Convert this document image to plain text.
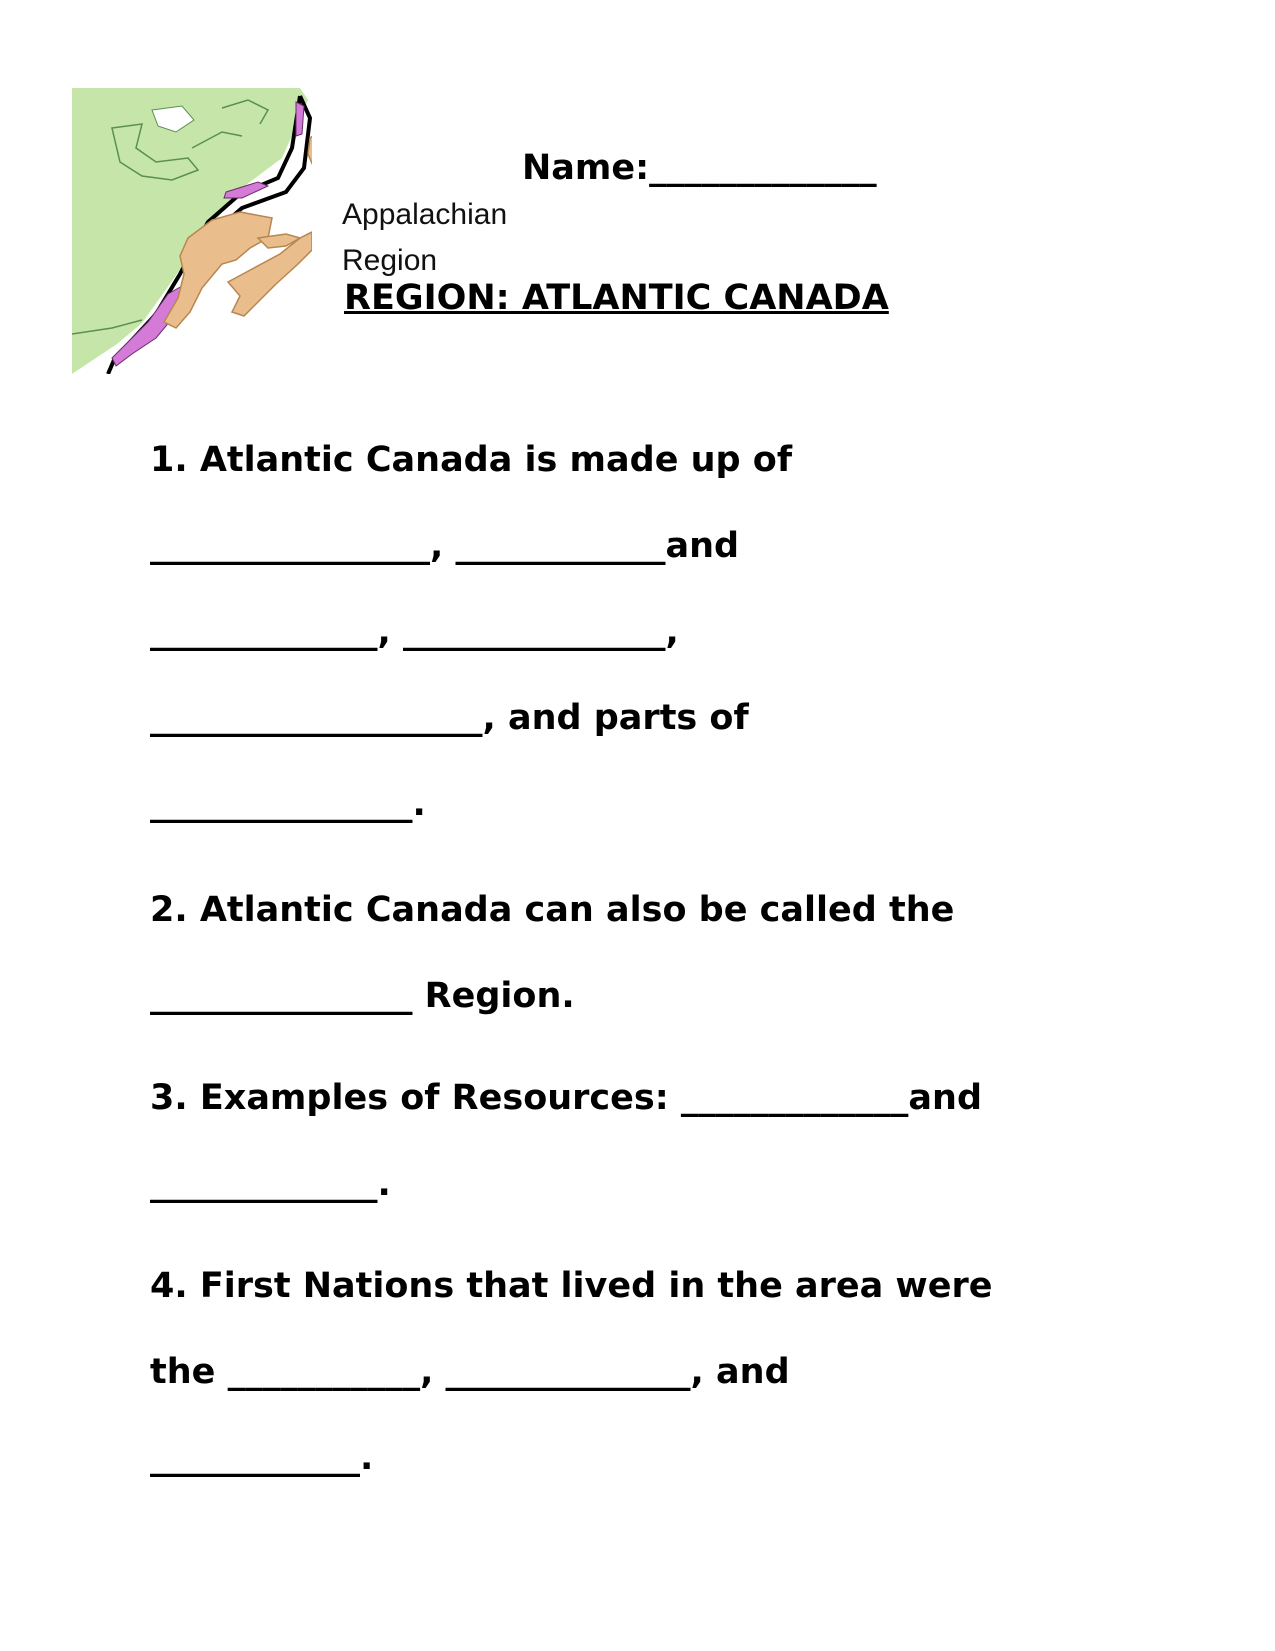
Appalachian
Region
Name:_____________
REGION: ATLANTIC CANADA
1. Atlantic Canada is made up of
________________, ____________and
_____________, _______________,
___________________, and parts of
_______________.
2. Atlantic Canada can also be called the
_______________ Region.
3. Examples of Resources: _____________and
_____________.
4. First Nations that lived in the area were
the ___________, ______________, and
____________.
